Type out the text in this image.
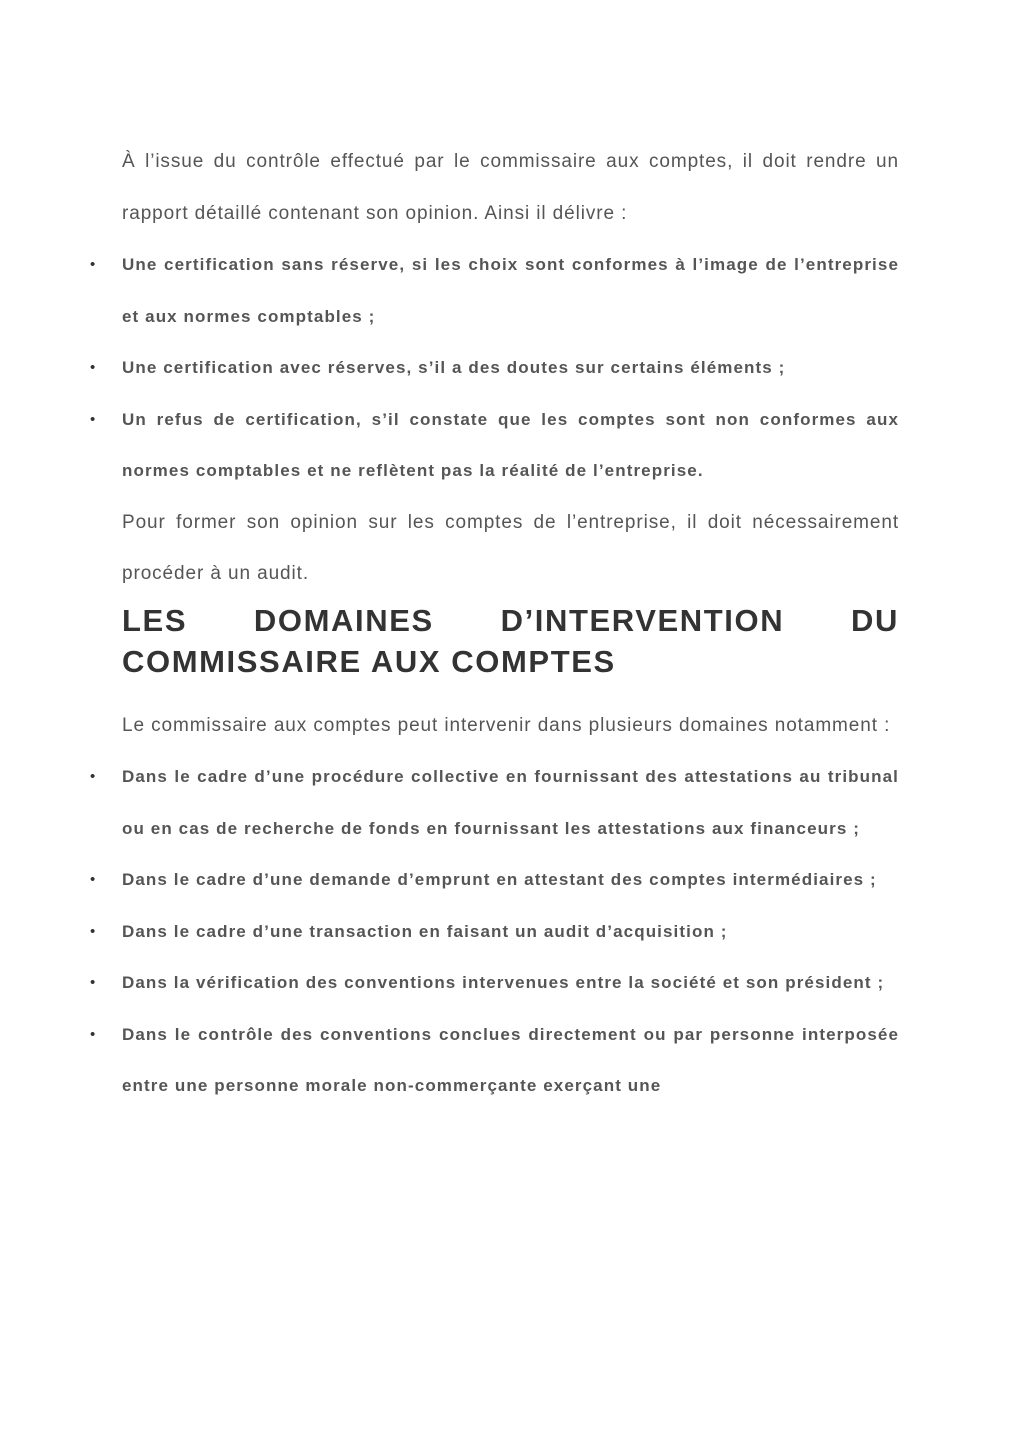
À l’issue du contrôle effectué par le commissaire aux comptes, il doit rendre un rapport détaillé contenant son opinion. Ainsi il délivre :

• Une certification sans réserve, si les choix sont conformes à l’image de l’entreprise et aux normes comptables ;
• Une certification avec réserves, s’il a des doutes sur certains éléments ;
• Un refus de certification, s’il constate que les comptes sont non conformes aux normes comptables et ne reflètent pas la réalité de l’entreprise.

Pour former son opinion sur les comptes de l’entreprise, il doit nécessairement procéder à un audit.

LES DOMAINES D’INTERVENTION DU COMMISSAIRE AUX COMPTES

Le commissaire aux comptes peut intervenir dans plusieurs domaines notamment :

• Dans le cadre d’une procédure collective en fournissant des attestations au tribunal ou en cas de recherche de fonds en fournissant les attestations aux financeurs ;
• Dans le cadre d’une demande d’emprunt en attestant des comptes intermédiaires ;
• Dans le cadre d’une transaction en faisant un audit d’acquisition ;
• Dans la vérification des conventions intervenues entre la société et son président ;
• Dans le contrôle des conventions conclues directement ou par personne interposée entre une personne morale non-commerçante exerçant une
